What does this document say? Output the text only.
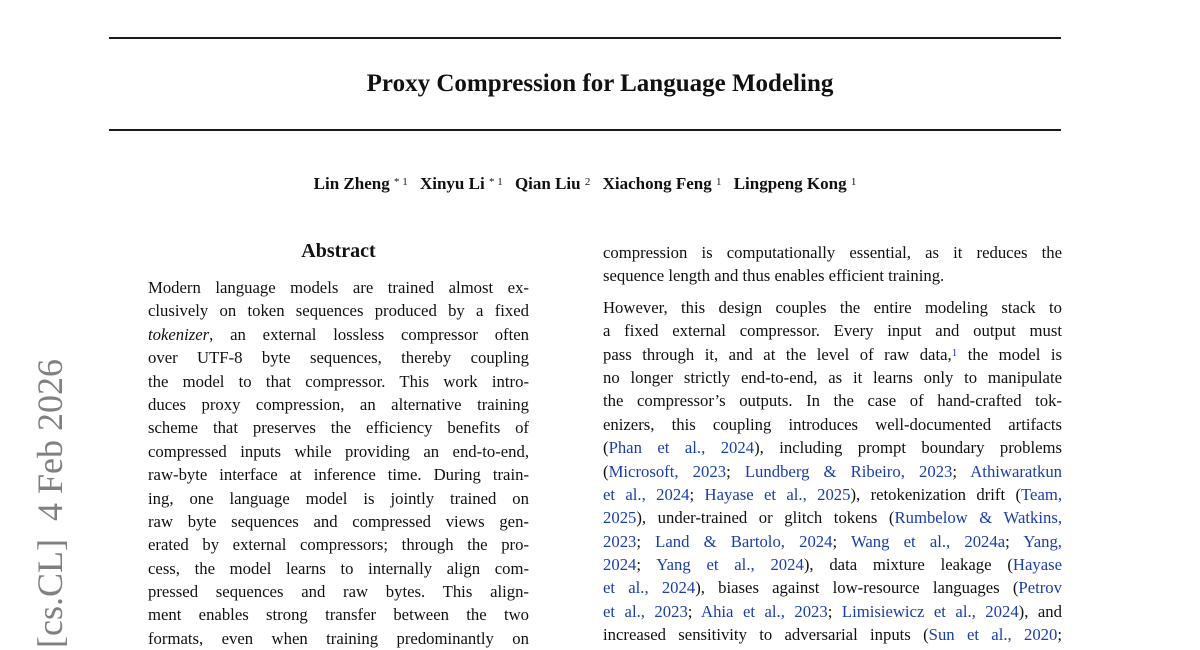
Proxy Compression for Language Modeling
Lin Zheng $^{* 1}$ Xinyu Li $^{* 1}$ Qian Liu $^2$ Xiachong Feng $^1$ Lingpeng Kong $^1$
[cs.CL]  4 Feb 2026
Abstract
Modern language models are trained almost ex-
clusively on token sequences produced by a fixed
tokenizer, an external lossless compressor often
over UTF-8 byte sequences, thereby coupling
the model to that compressor. This work intro-
duces proxy compression, an alternative training
scheme that preserves the efficiency benefits of
compressed inputs while providing an end-to-end,
raw-byte interface at inference time. During train-
ing, one language model is jointly trained on
raw byte sequences and compressed views gen-
erated by external compressors; through the pro-
cess, the model learns to internally align com-
pressed sequences and raw bytes. This align-
ment enables strong transfer between the two
formats, even when training predominantly on
compression is computationally essential, as it reduces the
sequence length and thus enables efficient training.
However, this design couples the entire modeling stack to
a fixed external compressor. Every input and output must
pass through it, and at the level of raw data,$^1$ the model is
no longer strictly end-to-end, as it learns only to manipulate
the compressor’s outputs. In the case of hand-crafted tok-
enizers, this coupling introduces well-documented artifacts
(Phan et al., 2024), including prompt boundary problems
(Microsoft, 2023; Lundberg & Ribeiro, 2023; Athiwaratkun
et al., 2024; Hayase et al., 2025), retokenization drift (Team,
2025), under-trained or glitch tokens (Rumbelow & Watkins,
2023; Land & Bartolo, 2024; Wang et al., 2024a; Yang,
2024; Yang et al., 2024), data mixture leakage (Hayase
et al., 2024), biases against low-resource languages (Petrov
et al., 2023; Ahia et al., 2023; Limisiewicz et al., 2024), and
increased sensitivity to adversarial inputs (Sun et al., 2020;
